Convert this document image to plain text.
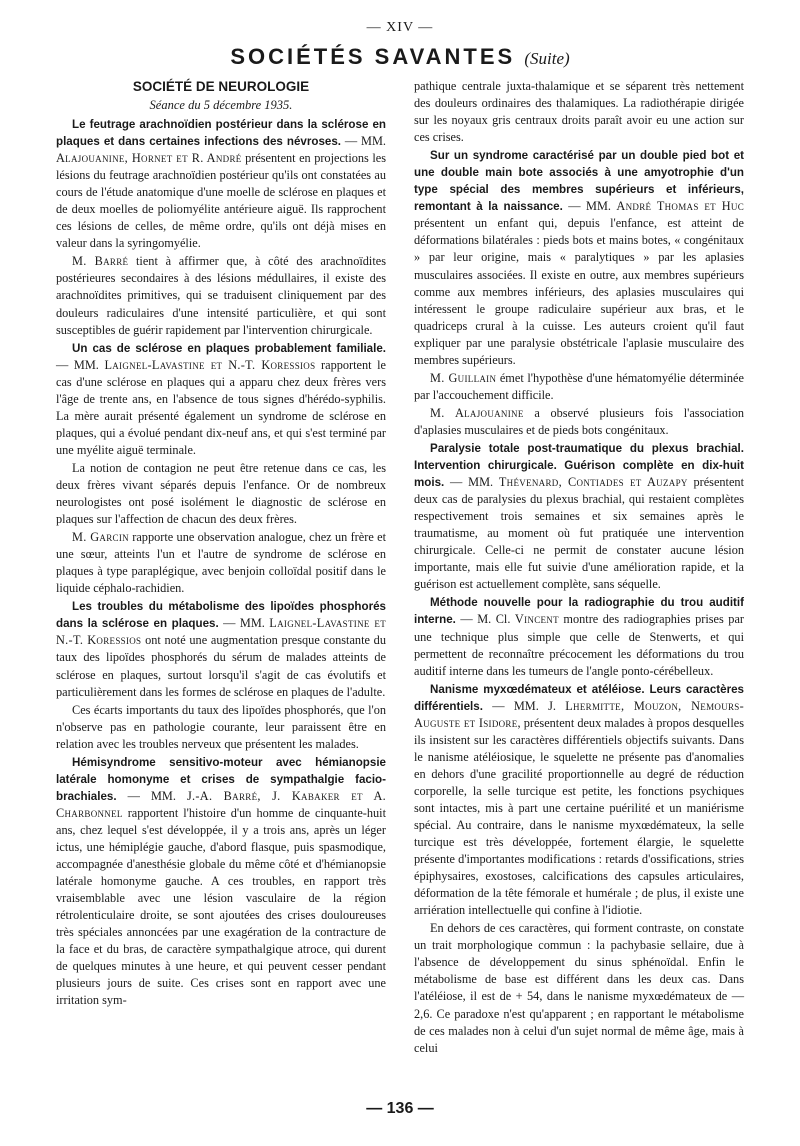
— XIV —
SOCIÉTÉS SAVANTES (Suite)

SOCIÉTÉ DE NEUROLOGIE

Séance du 5 décembre 1935.

Le feutrage arachnoïdien postérieur dans la sclérose en plaques et dans certaines infections des névroses. — MM. Alajouanine, Hornet et R. André présentent en projections les lésions du feutrage arachnoïdien postérieur qu'ils ont constatées au cours de l'étude anatomique d'une moelle de sclérose en plaques et de deux moelles de poliomyélite antérieure aiguë. Ils rapprochent ces lésions de celles, de même ordre, qu'ils ont déjà mises en valeur dans la syringomyélie.

M. Barré tient à affirmer que, à côté des arachnoïdites postérieures secondaires à des lésions médullaires, il existe des arachnoïdites primitives, qui se traduisent cliniquement par des douleurs radiculaires d'une intensité particulière, et qui sont susceptibles de guérir rapidement par l'intervention chirurgicale.

Un cas de sclérose en plaques probablement familiale. — MM. Laignel-Lavastine et N.-T. Koressios rapportent le cas d'une sclérose en plaques qui a apparu chez deux frères vers l'âge de trente ans, en l'absence de tous signes d'hérédo-syphilis. La mère aurait présenté également un syndrome de sclérose en plaques, qui a évolué pendant dix-neuf ans, et qui s'est terminé par une myélite aiguë terminale.

La notion de contagion ne peut être retenue dans ce cas, les deux frères vivant séparés depuis l'enfance. Or de nombreux neurologistes ont posé isolément le diagnostic de sclérose en plaques sur l'affection de chacun des deux frères.

M. Garcin rapporte une observation analogue, chez un frère et une sœur, atteints l'un et l'autre de syndrome de sclérose en plaques à type paraplégique, avec benjoin colloïdal positif dans le liquide céphalo-rachidien.

Les troubles du métabolisme des lipoïdes phosphorés dans la sclérose en plaques. — MM. Laignel-Lavastine et N.-T. Koressios ont noté une augmentation presque constante du taux des lipoïdes phosphorés du sérum de malades atteints de sclérose en plaques, surtout lorsqu'il s'agit de cas évolutifs et particulièrement dans les formes de sclérose en plaques de l'adulte.

Ces écarts importants du taux des lipoïdes phosphorés, que l'on n'observe pas en pathologie courante, leur paraissent être en relation avec les troubles nerveux que présentent les malades.

Hémisyndrome sensitivo-moteur avec hémianopsie latérale homonyme et crises de sympathalgie facio-brachiales. — MM. J.-A. Barré, J. Kabaker et A. Charbonnel rapportent l'histoire d'un homme de cinquante-huit ans, chez lequel s'est développée, il y a trois ans, après un léger ictus, une hémiplégie gauche, d'abord flasque, puis spasmodique, accompagnée d'anesthésie globale du même côté et d'hémianopsie latérale homonyme gauche. A ces troubles, en rapport très vraisemblable avec une lésion vasculaire de la région rétrolenticulaire droite, se sont ajoutées des crises douloureuses très spéciales annoncées par une exagération de la contracture de la face et du bras, de caractère sympathalgique atroce, qui durent de quelques minutes à une heure, et qui peuvent cesser pendant plusieurs jours de suite. Ces crises sont en rapport avec une irritation sym-

pathique centrale juxta-thalamique et se séparent très nettement des douleurs ordinaires des thalamiques. La radiothérapie dirigée sur les noyaux gris centraux droits paraît avoir eu une action sur ces crises.

Sur un syndrome caractérisé par un double pied bot et une double main bote associés à une amyotrophie d'un type spécial des membres supérieurs et inférieurs, remontant à la naissance. — MM. André Thomas et Huc présentent un enfant qui, depuis l'enfance, est atteint de déformations bilatérales : pieds bots et mains botes, « congénitaux » par leur origine, mais « paralytiques » par les aplasies musculaires associées. Il existe en outre, aux membres supérieurs comme aux membres inférieurs, des aplasies musculaires qui intéressent le groupe radiculaire supérieur aux bras, et le quadriceps crural à la cuisse. Les auteurs croient qu'il faut expliquer par une paralysie obstétricale l'aplasie musculaire des membres supérieurs.

M. Guillain émet l'hypothèse d'une hématomyélie déterminée par l'accouchement difficile.

M. Alajouanine a observé plusieurs fois l'association d'aplasies musculaires et de pieds bots congénitaux.

Paralysie totale post-traumatique du plexus brachial. Intervention chirurgicale. Guérison complète en dix-huit mois. — MM. Thévenard, Contiades et Auzapy présentent deux cas de paralysies du plexus brachial, qui restaient complètes respectivement trois semaines et six semaines après le traumatisme, au moment où fut pratiquée une intervention chirurgicale. Celle-ci ne permit de constater aucune lésion importante, mais elle fut suivie d'une amélioration rapide, et la guérison est actuellement complète, sans séquelle.

Méthode nouvelle pour la radiographie du trou auditif interne. — M. Cl. Vincent montre des radiographies prises par une technique plus simple que celle de Stenwerts, et qui permettent de reconnaître précocement les déformations du trou auditif interne dans les tumeurs de l'angle ponto-cérébelleux.

Nanisme myxœdémateux et atéléiose. Leurs caractères différentiels. — MM. J. Lhermitte, Mouzon, Nemours-Auguste et Isidore, présentent deux malades à propos desquelles ils insistent sur les caractères différentiels objectifs suivants. Dans le nanisme atéléiosique, le squelette ne présente pas d'anomalies en dehors d'une gracilité proportionnelle au degré de réduction corporelle, la selle turcique est petite, les fonctions psychiques sont intactes, mis à part une certaine puérilité et un maniérisme spécial. Au contraire, dans le nanisme myxœdémateux, la selle turcique est très développée, fortement élargie, le squelette présente d'importantes modifications : retards d'ossifications, stries épiphysaires, exostoses, calcifications des capsules articulaires, déformation de la tête fémorale et humérale ; de plus, il existe une arriération intellectuelle qui confine à l'idiotie.

En dehors de ces caractères, qui forment contraste, on constate un trait morphologique commun : la pachybasie sellaire, due à l'absence de développement du sinus sphénoïdal. Enfin le métabolisme de base est différent dans les deux cas. Dans l'atéléiose, il est de + 54, dans le nanisme myxœdémateux de — 2,6. Ce paradoxe n'est qu'apparent ; en rapportant le métabolisme de ces malades non à celui d'un sujet normal de même âge, mais à celui

— 136 —
